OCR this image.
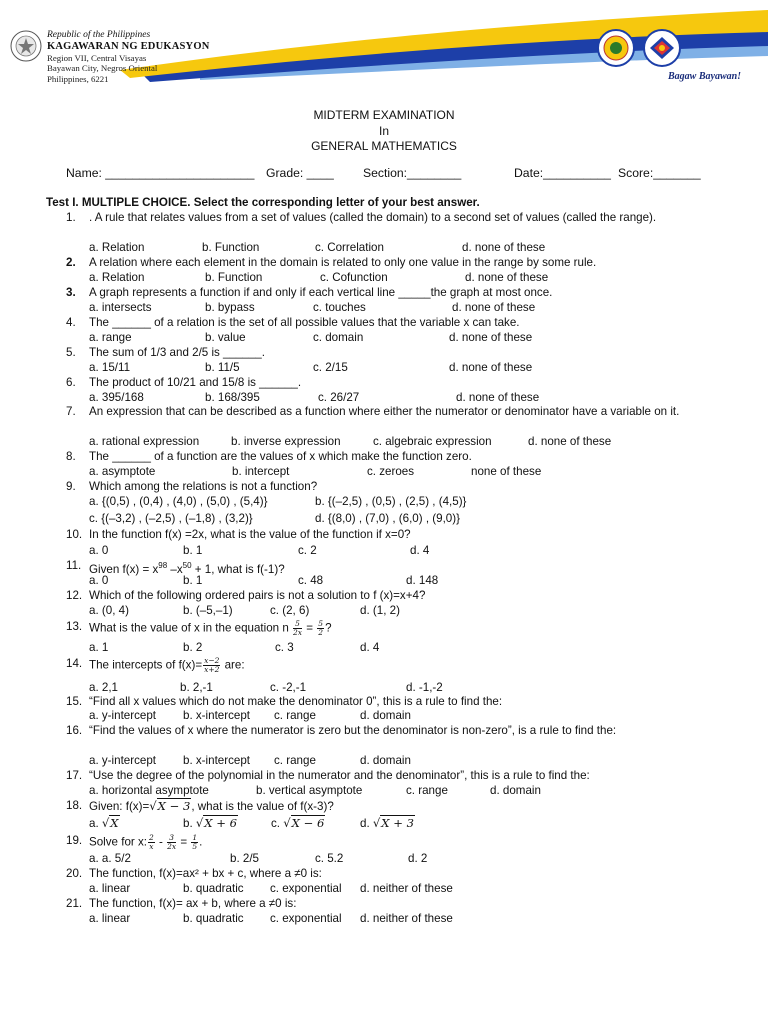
Republic of the Philippines
KAGAWARAN NG EDUKASYON
Region VII, Central Visayas
Bayawan City, Negros Oriental
Philippines, 6221	Bagaw Bayawan!
MIDTERM EXAMINATION
In
GENERAL MATHEMATICS
Name: ______________________ Grade: ____ Section:________	Date:__________ Score:_______
Test I. MULTIPLE CHOICE. Select the corresponding letter of your best answer.
1. . A rule that relates values from a set of values (called the domain) to a second set of values (called the range).
a. Relation	b. Function	c. Correlation	d. none of these
2. A relation where each element in the domain is related to only one value in the range by some rule.
a. Relation	b. Function	c. Cofunction	d. none of these
3. A graph represents a function if and only if each vertical line _____the graph at most once.
a. intersects	b. bypass	c. touches	d. none of these
4. The ______ of a relation is the set of all possible values that the variable x can take.
a. range	b. value	c. domain	d. none of these
5. The sum of 1/3 and 2/5 is ______.
a. 15/11	b. 11/5	c. 2/15	d. none of these
6. The product of 10/21 and 15/8 is ______.
a. 395/168	b. 168/395	c. 26/27	d. none of these
7. An expression that can be described as a function where either the numerator or denominator have a variable on it.
a. rational expression	b. inverse expression	c. algebraic expression	d. none of these
8. The ______ of a function are the values of x which make the function zero.
a. asymptote	b. intercept	c. zeroes	none of these
9. Which among the relations is not a function?
a. {(0,5) , (0,4) , (4,0) , (5,0) , (5,4)}	b. {(–2,5) , (0,5) , (2,5) , (4,5)}
c. {(–3,2) , (–2,5) , (–1,8) , (3,2)}	d. {(8,0) , (7,0) , (6,0) , (9,0)}
10. In the function f(x) =2x, what is the value of the function if x=0?
a. 0	b. 1	c. 2	d. 4
11. Given $f(x) = x^{98}$ $-x^{50} + 1$, what is f(-1)?
a. 0	b. 1	c. 48	d. 148
12. Which of the following ordered pairs is not a solution to f (x)=x+4?
a. (0, 4)	b. (–5,–1)	c. (2, 6)	d. (1, 2)
13. What is the value of x in the equation n $\frac{5}{2x} = \frac{5}{2}$ ?
a. 1	b. 2	c. 3	d. 4
14. The intercepts of $f(x)= \frac{x-2}{x+2}$ are:
a. 2,1	b. 2,-1	c. -2,-1	d. -1,-2
15. “Find all x values which do not make the denominator 0”, this is a rule to find the:
a. y-intercept b. x-intercept c. range	d. domain
16. “Find the values of x where the numerator is zero but the denominator is non-zero”, is a rule to find the:
a. y-intercept b. x-intercept c. range	d. domain
17. “Use the degree of the polynomial in the numerator and the denominator”, this is a rule to find the:
a. horizontal asymptote	b. vertical asymptote	c. range	d. domain
18. Given: f(x)=√X − 3, what is the value of f(x-3)?
a. √X	b. √X + 6	c. √X − 6	d. √X + 3
19. Solve for x: $\frac{2}{x} - \frac{3}{2x} = \frac{1}{5}$ .
a. a. 5/2	b. 2/5	c. 5.2	d. 2
20. The function, f(x)=ax² + bx + c, where a ≠0 is:
a. linear	b. quadratic c. exponential d. neither of these
21. The function, f(x)= ax + b, where a ≠0 is:
a. linear	b. quadratic c. exponential d. neither of these
